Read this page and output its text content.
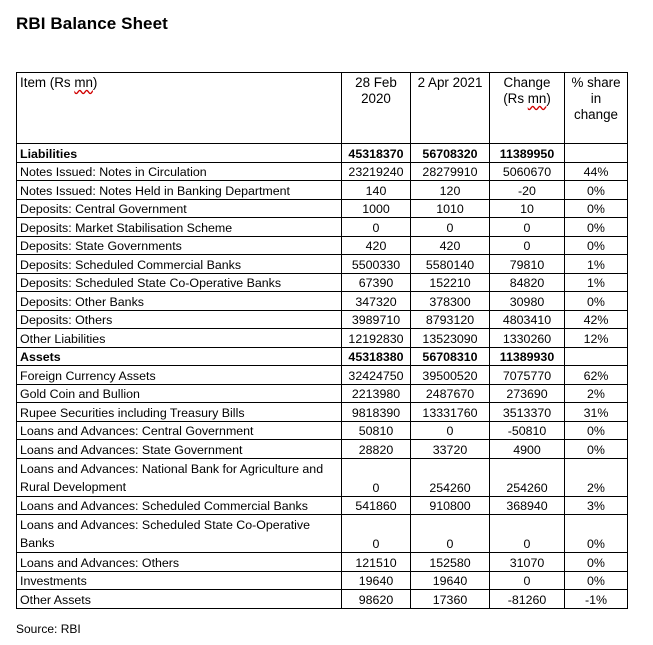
RBI Balance Sheet
Item (Rs mn)	28 Feb 2020	2 Apr 2021	Change (Rs mn)	% share in change
Liabilities	45318370	56708320	11389950	
Notes Issued: Notes in Circulation	23219240	28279910	5060670	44%
Notes Issued: Notes Held in Banking Department	140	120	-20	0%
Deposits: Central Government	1000	1010	10	0%
Deposits: Market Stabilisation Scheme	0	0	0	0%
Deposits: State Governments	420	420	0	0%
Deposits: Scheduled Commercial Banks	5500330	5580140	79810	1%
Deposits: Scheduled State Co-Operative Banks	67390	152210	84820	1%
Deposits: Other Banks	347320	378300	30980	0%
Deposits: Others	3989710	8793120	4803410	42%
Other Liabilities	12192830	13523090	1330260	12%
Assets	45318380	56708310	11389930	
Foreign Currency Assets	32424750	39500520	7075770	62%
Gold Coin and Bullion	2213980	2487670	273690	2%
Rupee Securities including Treasury Bills	9818390	13331760	3513370	31%
Loans and Advances: Central Government	50810	0	-50810	0%
Loans and Advances: State Government	28820	33720	4900	0%
Loans and Advances: National Bank for Agriculture and Rural Development	0	254260	254260	2%
Loans and Advances: Scheduled Commercial Banks	541860	910800	368940	3%
Loans and Advances: Scheduled State Co-Operative Banks	0	0	0	0%
Loans and Advances: Others	121510	152580	31070	0%
Investments	19640	19640	0	0%
Other Assets	98620	17360	-81260	-1%
Source: RBI
